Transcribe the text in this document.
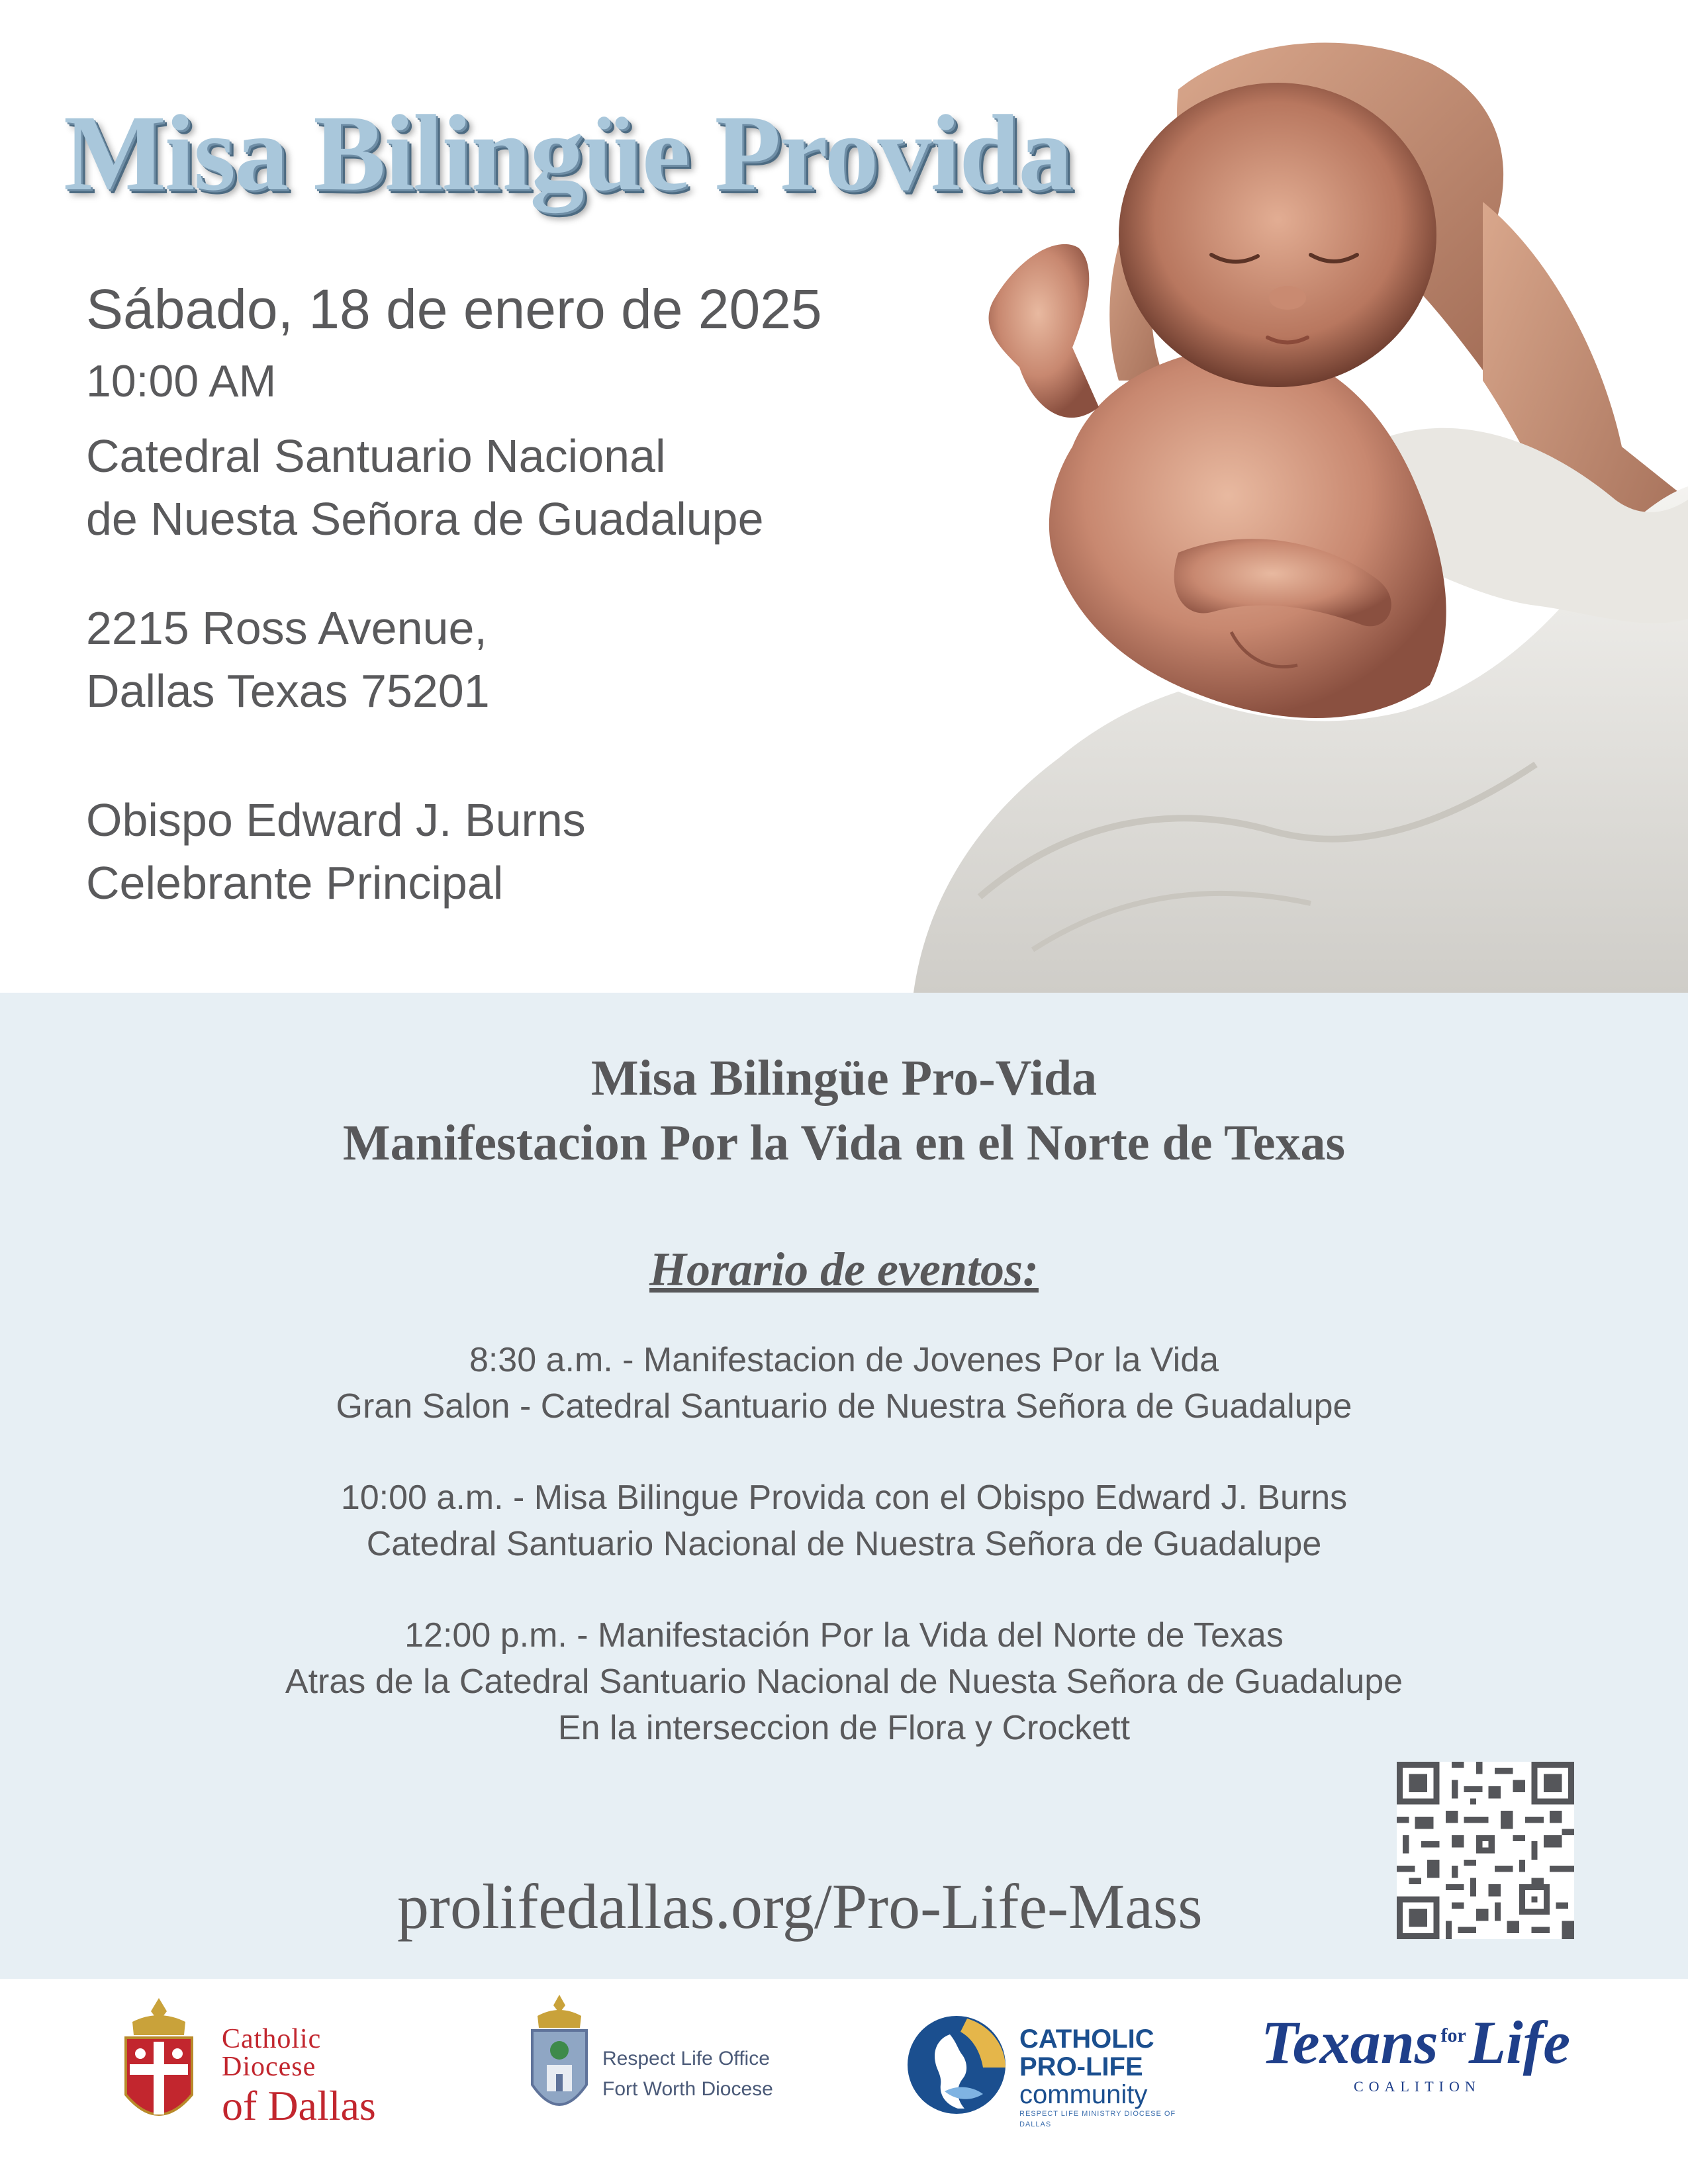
Misa Bilingüe Provida

Sábado, 18 de enero de 2025

10:00 AM

Catedral Santuario Nacional
de Nuesta Señora de Guadalupe

2215 Ross Avenue,
Dallas Texas 75201

Obispo Edward J. Burns
Celebrante Principal

Misa Bilingüe Pro-Vida
Manifestacion Por la Vida en el Norte de Texas
Horario de eventos:

8:30 a.m. - Manifestacion de Jovenes Por la Vida
Gran Salon - Catedral Santuario de Nuestra Señora de Guadalupe

10:00 a.m. - Misa Bilingue Provida con el Obispo Edward J. Burns
Catedral Santuario Nacional de Nuestra Señora de Guadalupe

12:00 p.m. - Manifestación Por la Vida del Norte de Texas
Atras de la Catedral Santuario Nacional de Nuesta Señora de Guadalupe
En la interseccion de Flora y Crockett

prolifedallas.org/Pro-Life-Mass

Catholic Diocese
of Dallas
Respect Life Office
Fort Worth Diocese
CATHOLIC
PRO-LIFE
community
RESPECT LIFE MINISTRY DIOCESE OF DALLAS
Texans $^{for}$Life
COALITION
